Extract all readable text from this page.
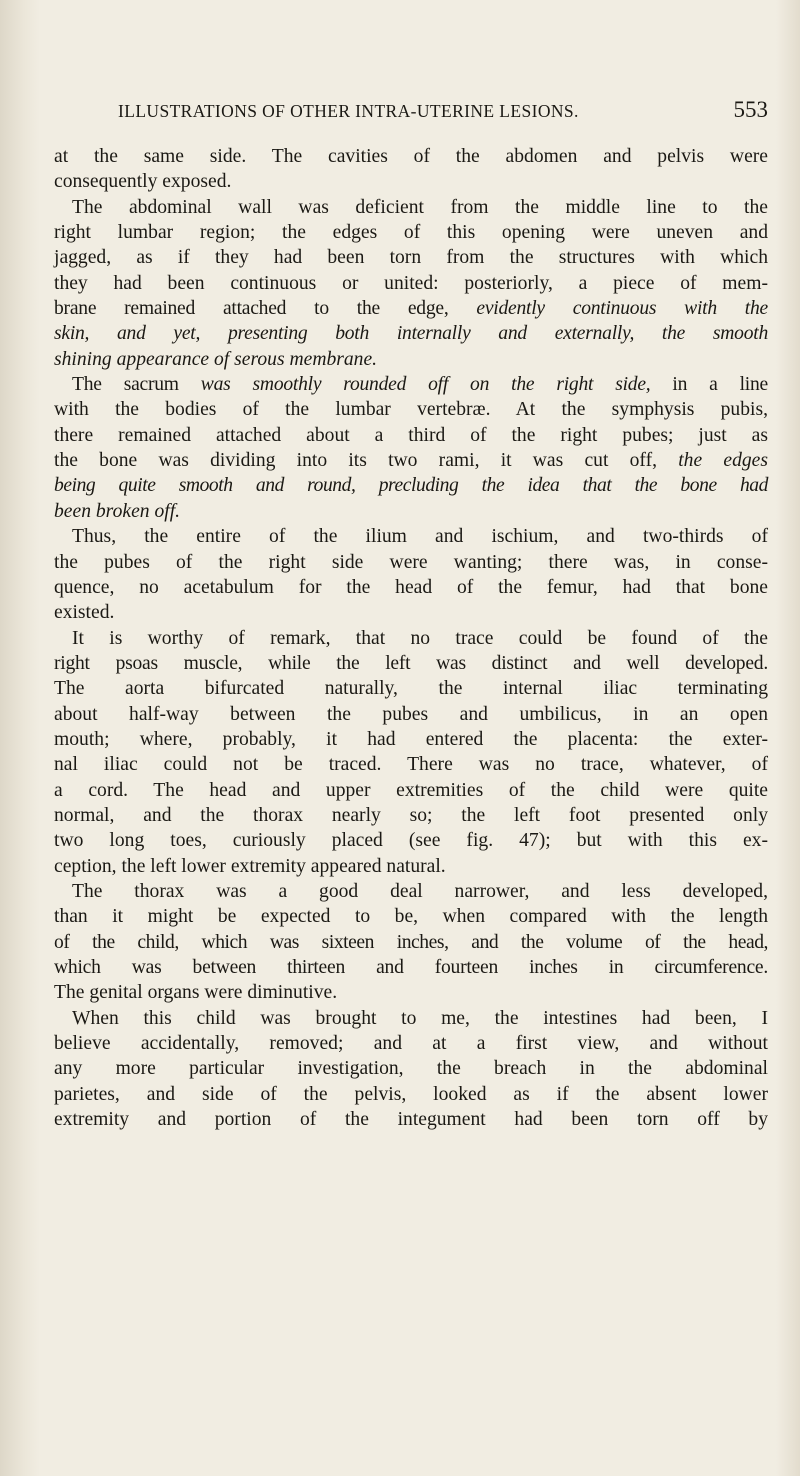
ILLUSTRATIONS OF OTHER INTRA-UTERINE LESIONS.	553
at the same side. The cavities of the abdomen and pelvis were
consequently exposed.
The abdominal wall was deficient from the middle line to the
right lumbar region; the edges of this opening were uneven and
jagged, as if they had been torn from the structures with which
they had been continuous or united: posteriorly, a piece of mem-
brane remained attached to the edge, evidently continuous with the
skin, and yet, presenting both internally and externally, the smooth
shining appearance of serous membrane.
The sacrum was smoothly rounded off on the right side, in a line
with the bodies of the lumbar vertebræ. At the symphysis pubis,
there remained attached about a third of the right pubes; just as
the bone was dividing into its two rami, it was cut off, the edges
being quite smooth and round, precluding the idea that the bone had
been broken off.
Thus, the entire of the ilium and ischium, and two-thirds of
the pubes of the right side were wanting; there was, in conse-
quence, no acetabulum for the head of the femur, had that bone
existed.
It is worthy of remark, that no trace could be found of the
right psoas muscle, while the left was distinct and well developed.
The aorta bifurcated naturally, the internal iliac terminating
about half-way between the pubes and umbilicus, in an open
mouth; where, probably, it had entered the placenta: the exter-
nal iliac could not be traced. There was no trace, whatever, of
a cord. The head and upper extremities of the child were quite
normal, and the thorax nearly so; the left foot presented only
two long toes, curiously placed (see fig. 47); but with this ex-
ception, the left lower extremity appeared natural.
The thorax was a good deal narrower, and less developed,
than it might be expected to be, when compared with the length
of the child, which was sixteen inches, and the volume of the head,
which was between thirteen and fourteen inches in circumference.
The genital organs were diminutive.
When this child was brought to me, the intestines had been, I
believe accidentally, removed; and at a first view, and without
any more particular investigation, the breach in the abdominal
parietes, and side of the pelvis, looked as if the absent lower
extremity and portion of the integument had been torn off by
